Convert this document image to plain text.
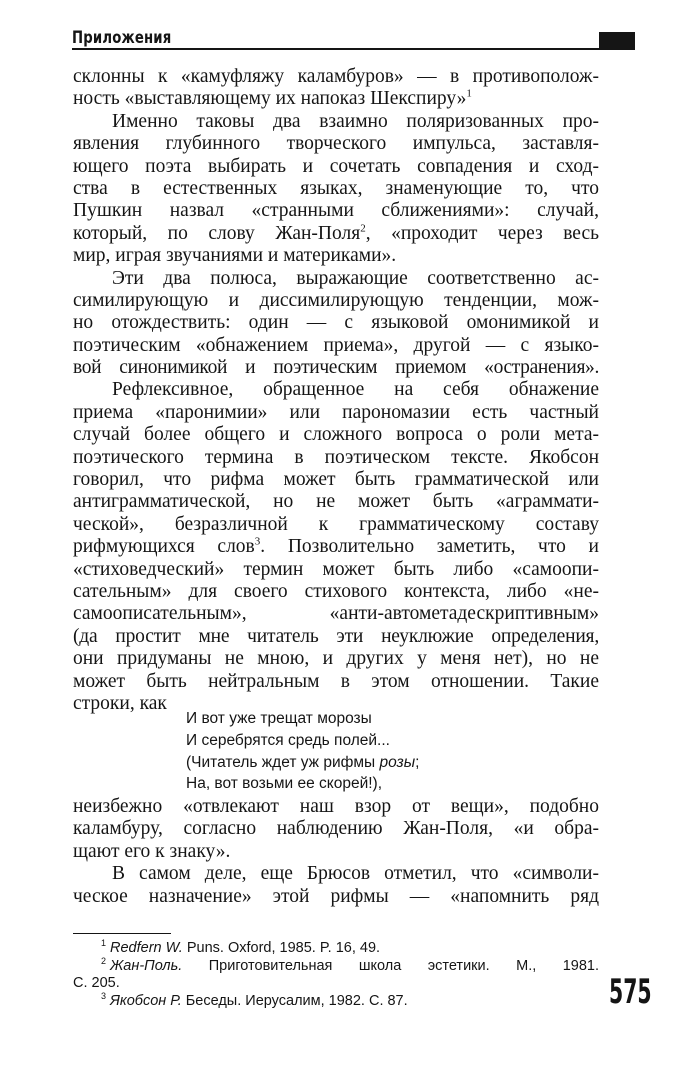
Приложения
склонны к «камуфляжу каламбуров» — в противополож-
ность «выставляющему их напоказ Шекспиру»$^1$
Именно таковы два взаимно поляризованных про-
явления глубинного творческого импульса, заставля-
ющего поэта выбирать и сочетать совпадения и сход-
ства в естественных языках, знаменующие то, что
Пушкин назвал «странными сближениями»: случай,
который, по слову Жан-Поля$^2$, «проходит через весь
мир, играя звучаниями и материками».
Эти два полюса, выражающие соответственно ас-
симилирующую и диссимилирующую тенденции, мож-
но отождествить: один — с языковой омонимикой и
поэтическим «обнажением приема», другой — с языко-
вой синонимикой и поэтическим приемом «остранения».
Рефлексивное, обращенное на себя обнажение
приема «паронимии» или парономазии есть частный
случай более общего и сложного вопроса о роли мета-
поэтического термина в поэтическом тексте. Якобсон
говорил, что рифма может быть грамматической или
антиграмматической, но не может быть «аграммати-
ческой», безразличной к грамматическому составу
рифмующихся слов$^3$. Позволительно заметить, что и
«стиховедческий» термин может быть либо «самоопи-
сательным» для своего стихового контекста, либо «не-
самоописательным», «анти-автометадескриптивным»
(да простит мне читатель эти неуклюжие определения,
они придуманы не мною, и других у меня нет), но не
может быть нейтральным в этом отношении. Такие
строки, как
И вот уже трещат морозы
И серебрятся средь полей...
(Читатель ждет уж рифмы розы;
На, вот возьми ее скорей!),
неизбежно «отвлекают наш взор от вещи», подобно
каламбуру, согласно наблюдению Жан-Поля, «и обра-
щают его к знаку».
В самом деле, еще Брюсов отметил, что «символи-
ческое назначение» этой рифмы — «напомнить ряд
$^1$ Redfern W. Puns. Oxford, 1985. P. 16, 49.
$^2$ Жан-Поль. Приготовительная школа эстетики. М., 1981.
С. 205.
$^3$ Якобсон Р. Беседы. Иерусалим, 1982. С. 87.	575
